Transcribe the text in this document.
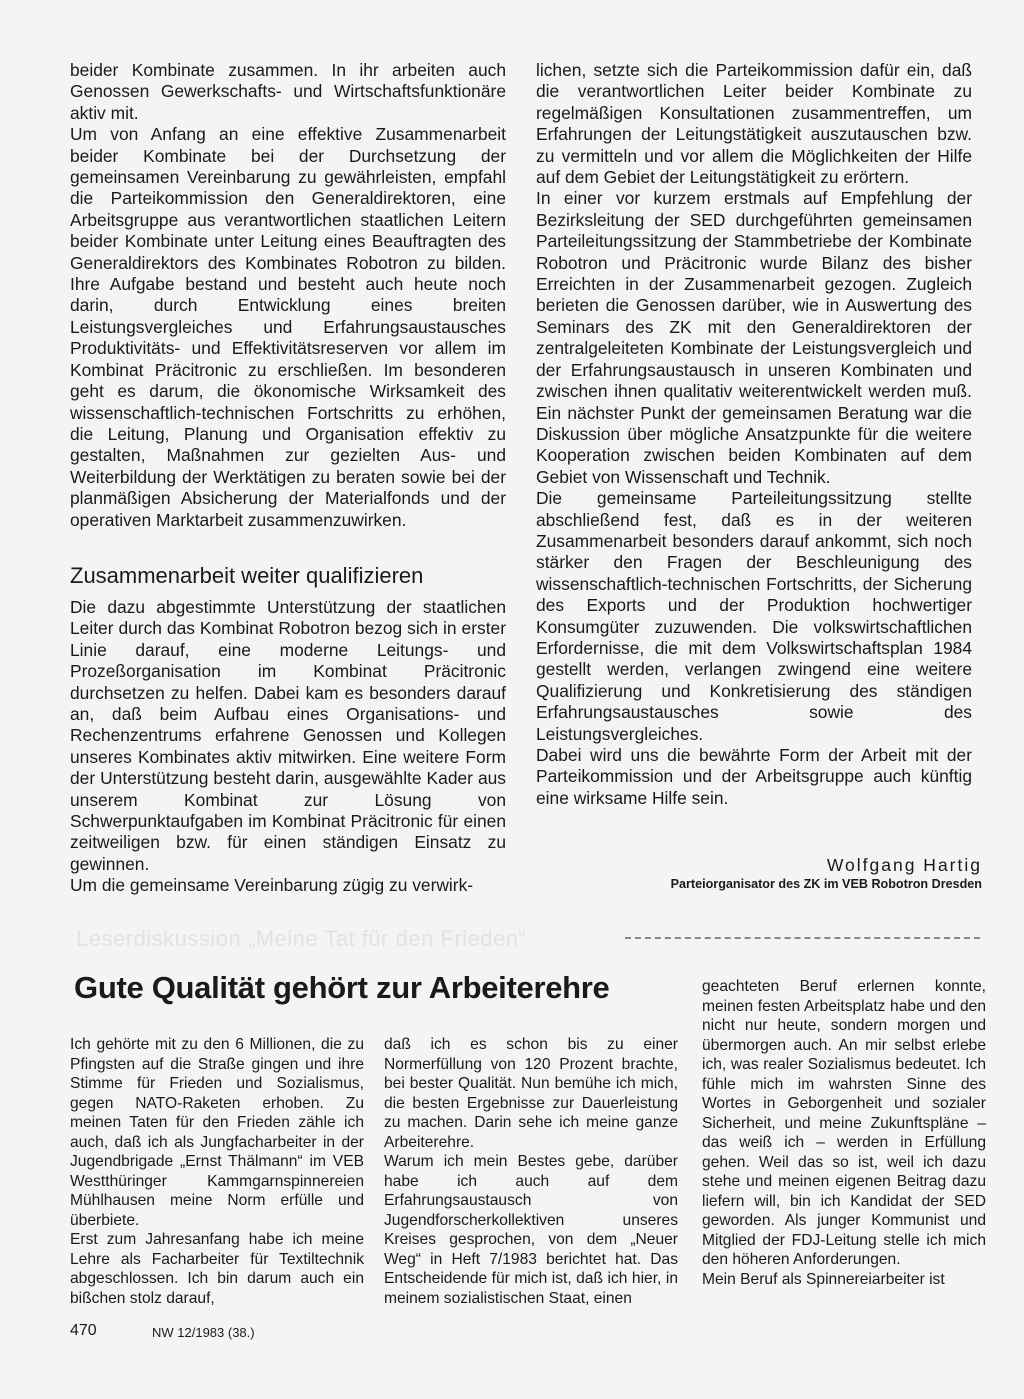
beider Kombinate zusammen. In ihr arbeiten auch Genossen Gewerkschafts- und Wirtschaftsfunktionäre aktiv mit.

Um von Anfang an eine effektive Zusammenarbeit beider Kombinate bei der Durchsetzung der gemeinsamen Vereinbarung zu gewährleisten, empfahl die Parteikommission den Generaldirektoren, eine Arbeitsgruppe aus verantwortlichen staatlichen Leitern beider Kombinate unter Leitung eines Beauftragten des Generaldirektors des Kombinates Robotron zu bilden. Ihre Aufgabe bestand und besteht auch heute noch darin, durch Entwicklung eines breiten Leistungsvergleiches und Erfahrungsaustausches Produktivitäts- und Effektivitätsreserven vor allem im Kombinat Präcitronic zu erschließen. Im besonderen geht es darum, die ökonomische Wirksamkeit des wissenschaftlich-technischen Fortschritts zu erhöhen, die Leitung, Planung und Organisation effektiv zu gestalten, Maßnahmen zur gezielten Aus- und Weiterbildung der Werktätigen zu beraten sowie bei der planmäßigen Absicherung der Materialfonds und der operativen Marktarbeit zusammenzuwirken.

Die dazu abgestimmte Unterstützung der staatlichen Leiter durch das Kombinat Robotron bezog sich in erster Linie darauf, eine moderne Leitungs- und Prozeßorganisation im Kombinat Präcitronic durchsetzen zu helfen. Dabei kam es besonders darauf an, daß beim Aufbau eines Organisations- und Rechenzentrums erfahrene Genossen und Kollegen unseres Kombinates aktiv mitwirken. Eine weitere Form der Unterstützung besteht darin, ausgewählte Kader aus unserem Kombinat zur Lösung von Schwerpunktaufgaben im Kombinat Präcitronic für einen zeitweiligen bzw. für einen ständigen Einsatz zu gewinnen.

Um die gemeinsame Vereinbarung zügig zu verwirk-

Zusammenarbeit weiter qualifizieren

lichen, setzte sich die Parteikommission dafür ein, daß die verantwortlichen Leiter beider Kombinate zu regelmäßigen Konsultationen zusammentreffen, um Erfahrungen der Leitungstätigkeit auszutauschen bzw. zu vermitteln und vor allem die Möglichkeiten der Hilfe auf dem Gebiet der Leitungstätigkeit zu erörtern.

In einer vor kurzem erstmals auf Empfehlung der Bezirksleitung der SED durchgeführten gemeinsamen Parteileitungssitzung der Stammbetriebe der Kombinate Robotron und Präcitronic wurde Bilanz des bisher Erreichten in der Zusammenarbeit gezogen. Zugleich berieten die Genossen darüber, wie in Auswertung des Seminars des ZK mit den Generaldirektoren der zentralgeleiteten Kombinate der Leistungsvergleich und der Erfahrungsaustausch in unseren Kombinaten und zwischen ihnen qualitativ weiterentwickelt werden muß. Ein nächster Punkt der gemeinsamen Beratung war die Diskussion über mögliche Ansatzpunkte für die weitere Kooperation zwischen beiden Kombinaten auf dem Gebiet von Wissenschaft und Technik.

Die gemeinsame Parteileitungssitzung stellte abschließend fest, daß es in der weiteren Zusammenarbeit besonders darauf ankommt, sich noch stärker den Fragen der Beschleunigung des wissenschaftlich-technischen Fortschritts, der Sicherung des Exports und der Produktion hochwertiger Konsumgüter zuzuwenden. Die volkswirtschaftlichen Erfordernisse, die mit dem Volkswirtschaftsplan 1984 gestellt werden, verlangen zwingend eine weitere Qualifizierung und Konkretisierung des ständigen Erfahrungsaustausches sowie des Leistungsvergleiches.

Dabei wird uns die bewährte Form der Arbeit mit der Parteikommission und der Arbeitsgruppe auch künftig eine wirksame Hilfe sein.

Wolfgang Hartig
Parteiorganisator des ZK im VEB Robotron Dresden
Leserdiskussion „Meine Tat für den Frieden“
Gute Qualität gehört zur Arbeiterehre

Ich gehörte mit zu den 6 Millionen, die zu Pfingsten auf die Straße gingen und ihre Stimme für Frieden und Sozialismus, gegen NATO-Raketen erhoben. Zu meinen Taten für den Frieden zähle ich auch, daß ich als Jungfacharbeiter in der Jugendbrigade „Ernst Thälmann“ im VEB Westthüringer Kammgarnspinnereien Mühlhausen meine Norm erfülle und überbiete.

Erst zum Jahresanfang habe ich meine Lehre als Facharbeiter für Textiltechnik abgeschlossen. Ich bin darum auch ein bißchen stolz darauf,

daß ich es schon bis zu einer Normerfüllung von 120 Prozent brachte, bei bester Qualität. Nun bemühe ich mich, die besten Ergebnisse zur Dauerleistung zu machen. Darin sehe ich meine ganze Arbeiterehre.

Warum ich mein Bestes gebe, darüber habe ich auch auf dem Erfahrungsaustausch von Jugendforscherkollektiven unseres Kreises gesprochen, von dem „Neuer Weg“ in Heft 7/1983 berichtet hat. Das Entscheidende für mich ist, daß ich hier, in meinem sozialistischen Staat, einen

geachteten Beruf erlernen konnte, meinen festen Arbeitsplatz habe und den nicht nur heute, sondern morgen und übermorgen auch. An mir selbst erlebe ich, was realer Sozialismus bedeutet. Ich fühle mich im wahrsten Sinne des Wortes in Geborgenheit und sozialer Sicherheit, und meine Zukunftspläne – das weiß ich – werden in Erfüllung gehen. Weil das so ist, weil ich dazu stehe und meinen eigenen Beitrag dazu liefern will, bin ich Kandidat der SED geworden. Als junger Kommunist und Mitglied der FDJ-Leitung stelle ich mich den höheren Anforderungen.

Mein Beruf als Spinnereiarbeiter ist

470	NW 12/1983 (38.)
